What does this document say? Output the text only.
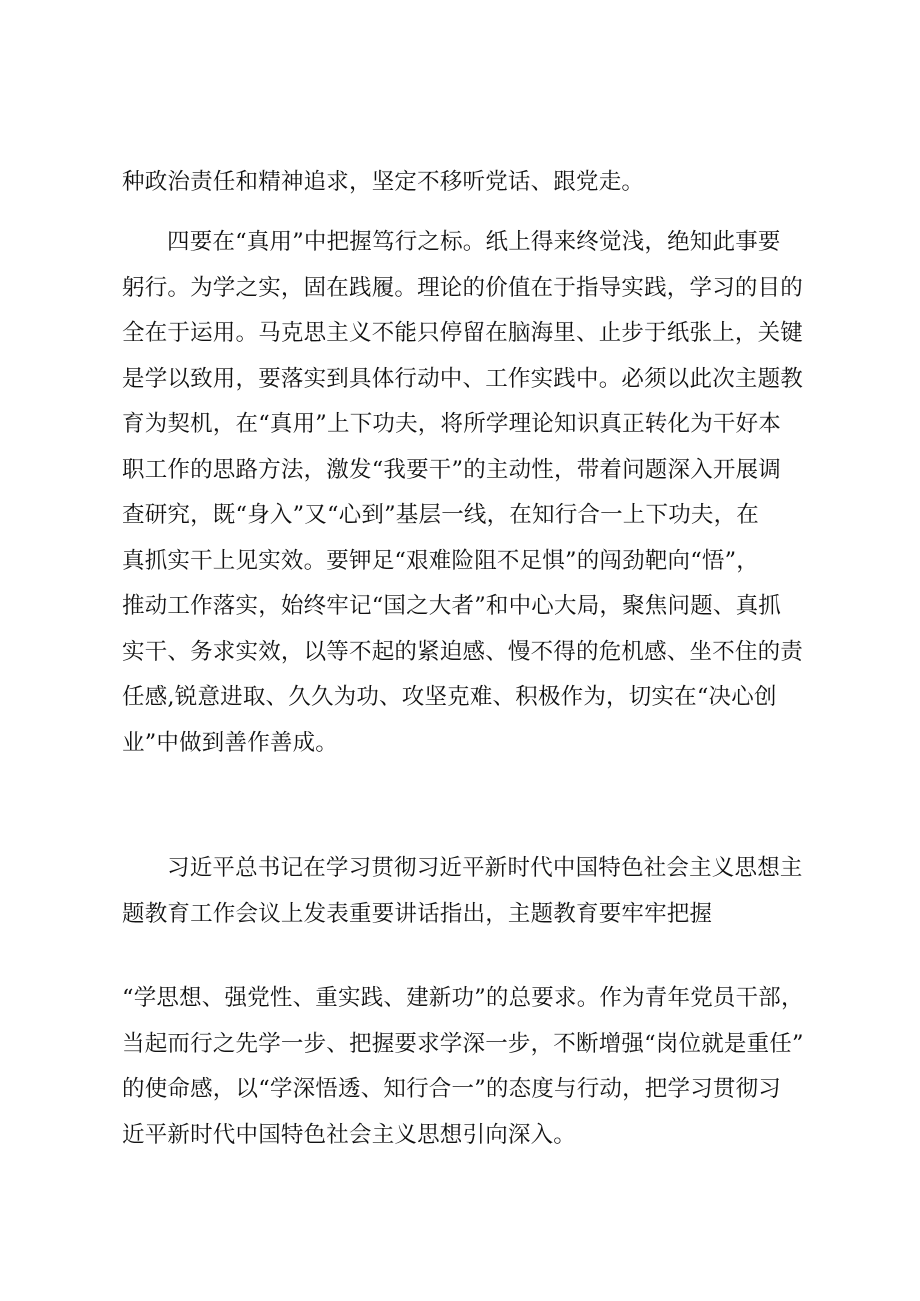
种政治责任和精神追求，坚定不移听党话、跟党走。
四要在“真用”中把握笃行之标。纸上得来终觉浅，绝知此事要
躬行。为学之实，固在践履。理论的价值在于指导实践，学习的目的
全在于运用。马克思主义不能只停留在脑海里、止步于纸张上，关键
是学以致用，要落实到具体行动中、工作实践中。必须以此次主题教
育为契机，在“真用”上下功夫，将所学理论知识真正转化为干好本
职工作的思路方法，激发“我要干”的主动性，带着问题深入开展调
查研究，既“身入”又“心到”基层一线，在知行合一上下功夫，在
真抓实干上见实效。要钾足“艰难险阻不足惧”的闯劲靶向“悟”，
推动工作落实，始终牢记“国之大者”和中心大局，聚焦问题、真抓
实干、务求实效，以等不起的紧迫感、慢不得的危机感、坐不住的责
任感,锐意进取、久久为功、攻坚克难、积极作为，切实在“决心创
业”中做到善作善成。
习近平总书记在学习贯彻习近平新时代中国特色社会主义思想主
题教育工作会议上发表重要讲话指出，主题教育要牢牢把握
“学思想、强党性、重实践、建新功”的总要求。作为青年党员干部，
当起而行之先学一步、把握要求学深一步，不断增强“岗位就是重任”
的使命感，以“学深悟透、知行合一”的态度与行动，把学习贯彻习
近平新时代中国特色社会主义思想引向深入。
